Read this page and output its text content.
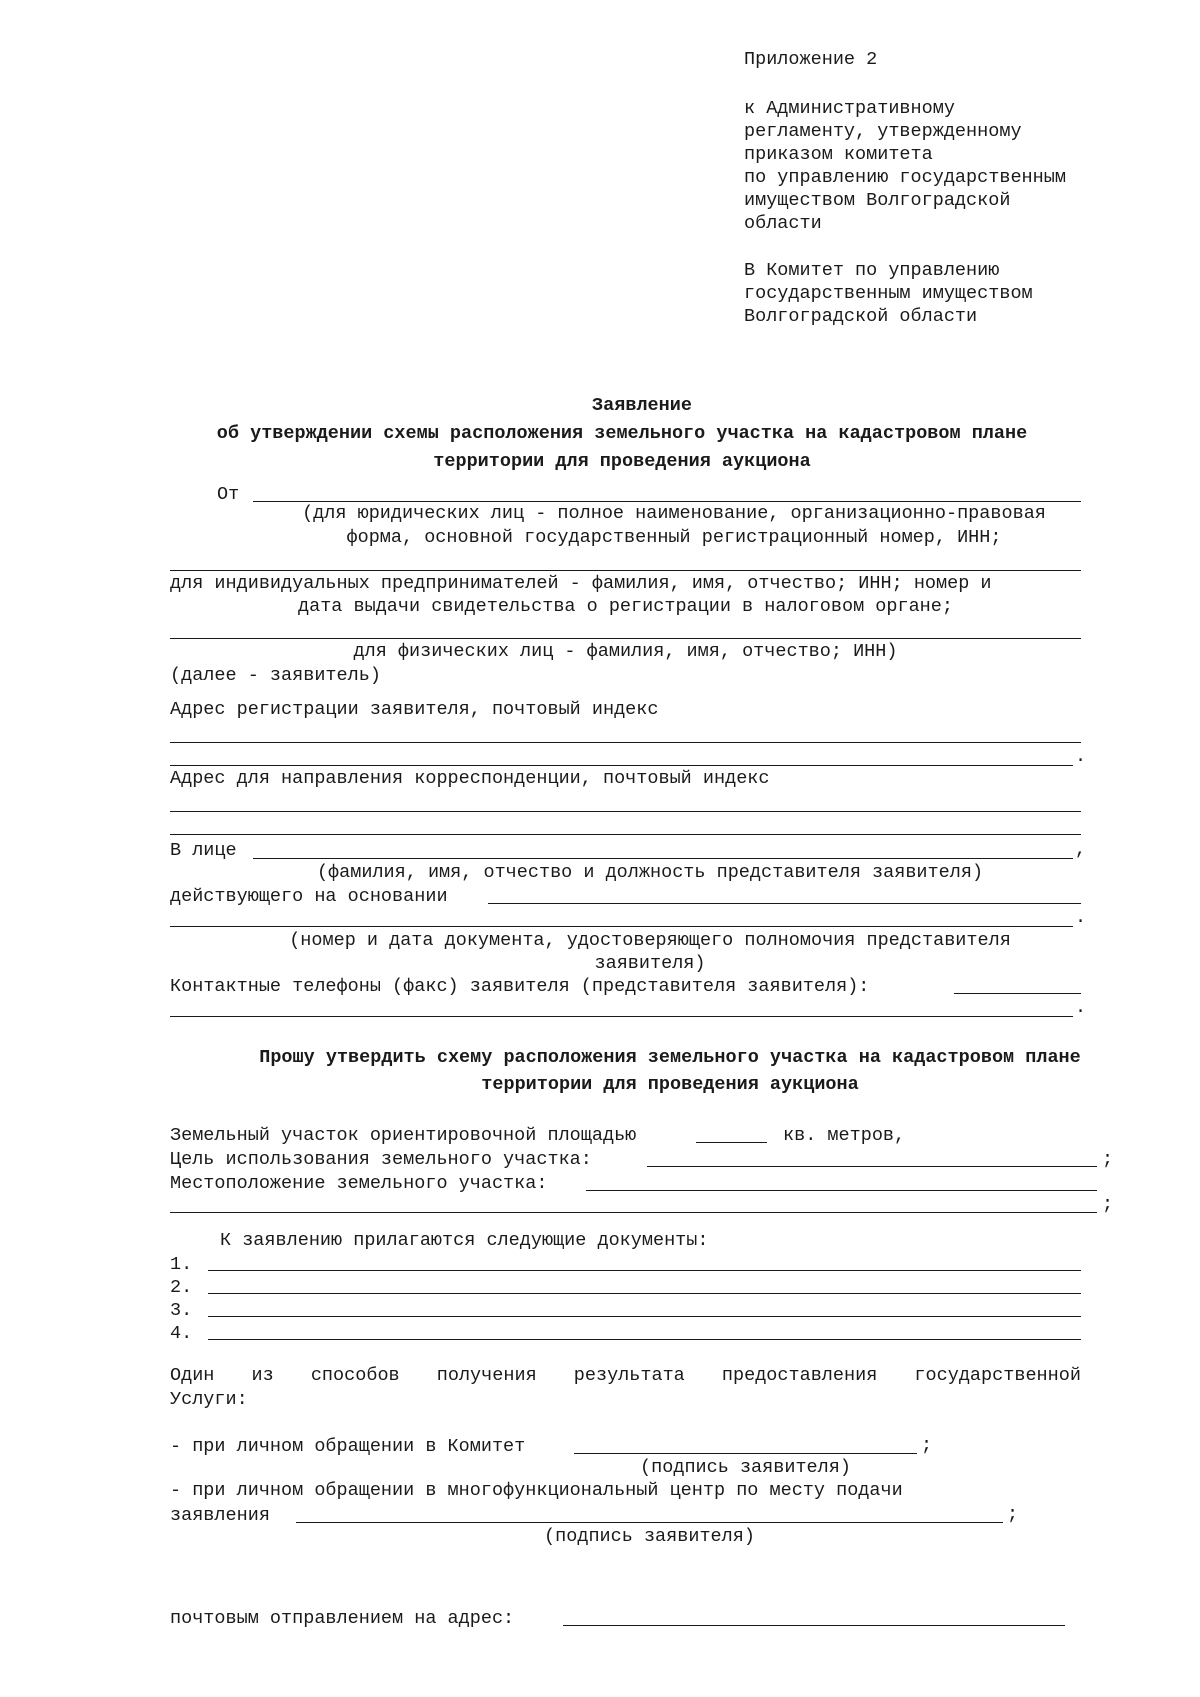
Приложение 2
к Административному
регламенту, утвержденному
приказом комитета
по управлению государственным
имуществом Волгоградской
области
В Комитет по управлению
государственным имуществом
Волгоградской области
Заявление
об утверждении схемы расположения земельного участка на кадастровом плане
территории для проведения аукциона
От
(для юридических лиц - полное наименование, организационно-правовая
форма, основной государственный регистрационный номер, ИНН;
для индивидуальных предпринимателей - фамилия, имя, отчество; ИНН; номер и
дата выдачи свидетельства о регистрации в налоговом органе;
для физических лиц - фамилия, имя, отчество; ИНН)
(далее - заявитель)
Адрес регистрации заявителя, почтовый индекс
.
Адрес для направления корреспонденции, почтовый индекс
В лице	,
(фамилия, имя, отчество и должность представителя заявителя)
действующего на основании
.
(номер и дата документа, удостоверяющего полномочия представителя
заявителя)
Контактные телефоны (факс) заявителя (представителя заявителя):
.
Прошу утвердить схему расположения земельного участка на кадастровом плане
территории для проведения аукциона
Земельный участок ориентировочной площадью	кв. метров,
Цель использования земельного участка:	;
Местоположение земельного участка:
;
К заявлению прилагаются следующие документы:
1.
2.
3.
4.
Один из способов получения результата предоставления государственной
Услуги:
- при личном обращении в Комитет	;
(подпись заявителя)
- при личном обращении в многофункциональный центр по месту подачи
заявления	;
(подпись заявителя)
почтовым отправлением на адрес:
